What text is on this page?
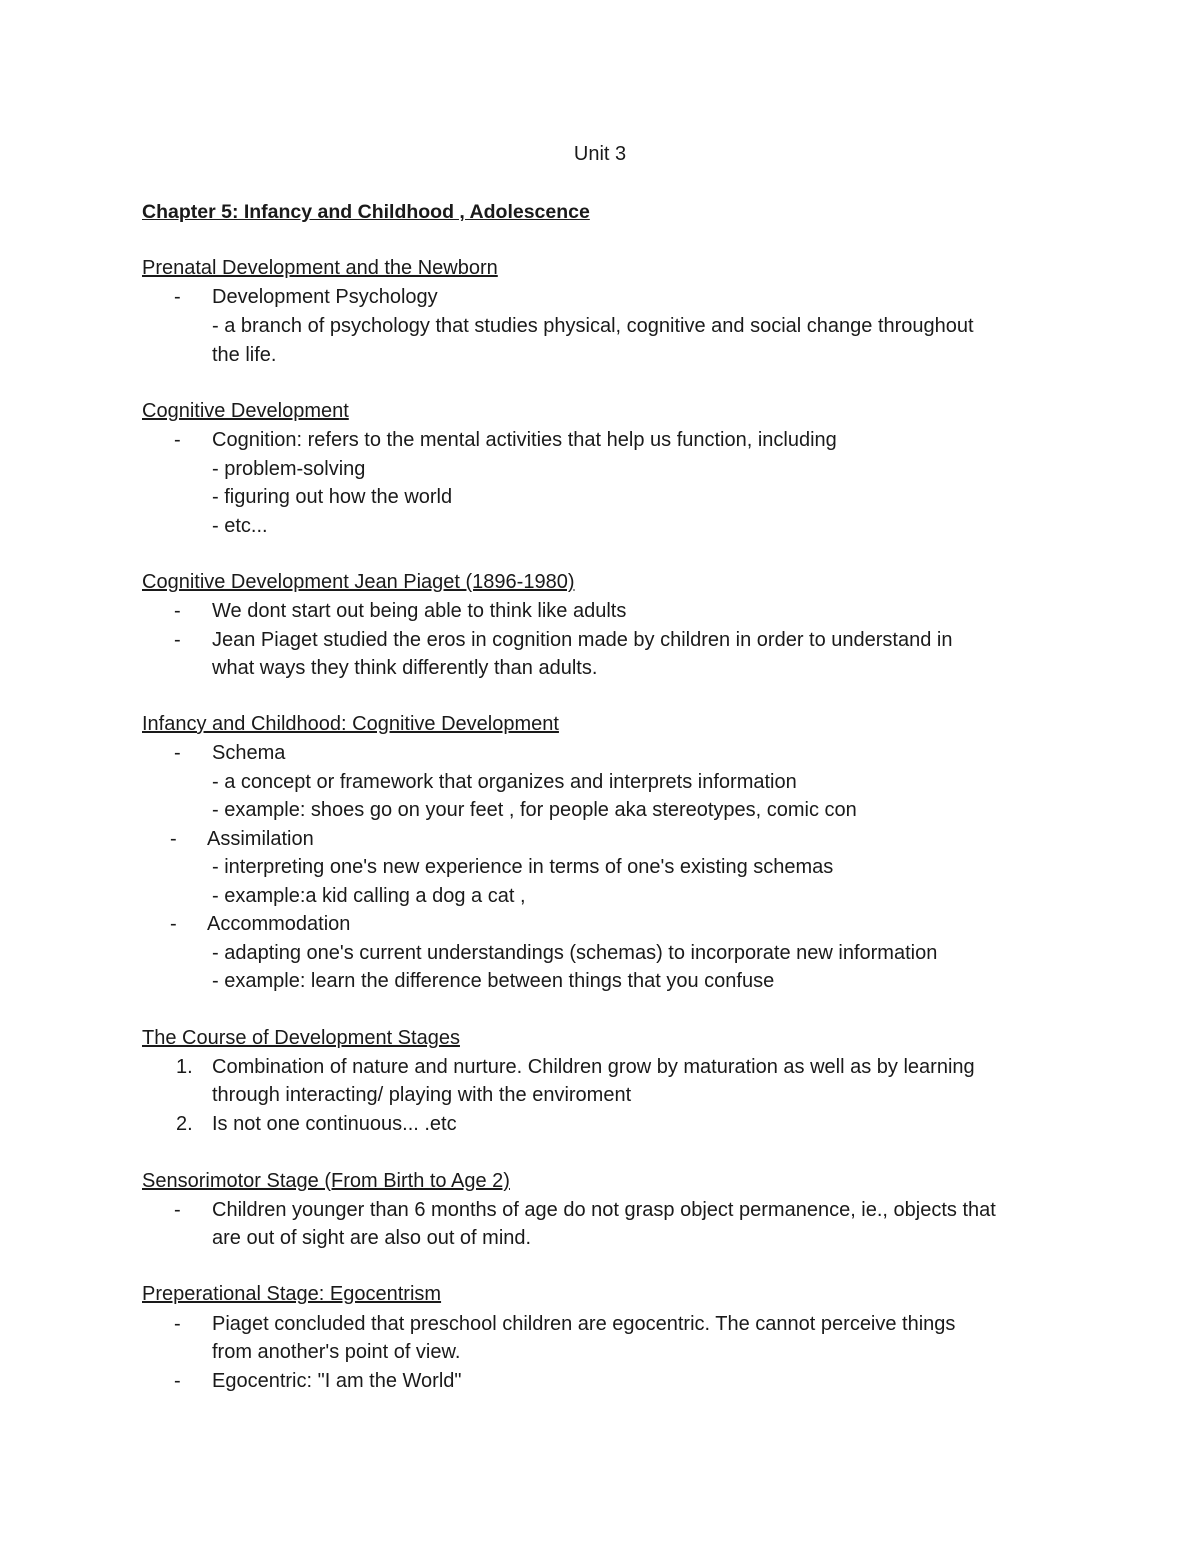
Unit 3
Chapter 5: Infancy and Childhood , Adolescence
Prenatal Development and the Newborn
- Development Psychology
- a branch of psychology that studies physical, cognitive and social change throughout
the life.
Cognitive Development
- Cognition: refers to the mental activities that help us function, including
- problem-solving
- figuring out how the world
- etc...
Cognitive Development Jean Piaget (1896-1980)
- We dont start out being able to think like adults
- Jean Piaget studied the eros in cognition made by children in order to understand in
what ways they think differently than adults.
Infancy and Childhood: Cognitive Development
- Schema
- a concept or framework that organizes and interprets information
- example: shoes go on your feet , for people aka stereotypes, comic con
- Assimilation
- interpreting one's new experience in terms of one's existing schemas
- example:a kid calling a dog a cat ,
- Accommodation
- adapting one's current understandings (schemas) to incorporate new information
- example: learn the difference between things that you confuse
The Course of Development Stages
1. Combination of nature and nurture. Children grow by maturation as well as by learning
through interacting/ playing with the enviroment
2. Is not one continuous... .etc
Sensorimotor Stage (From Birth to Age 2)
- Children younger than 6 months of age do not grasp object permanence, ie., objects that
are out of sight are also out of mind.
Preperational Stage: Egocentrism
- Piaget concluded that preschool children are egocentric. The cannot perceive things
from another's point of view.
- Egocentric: "I am the World"
